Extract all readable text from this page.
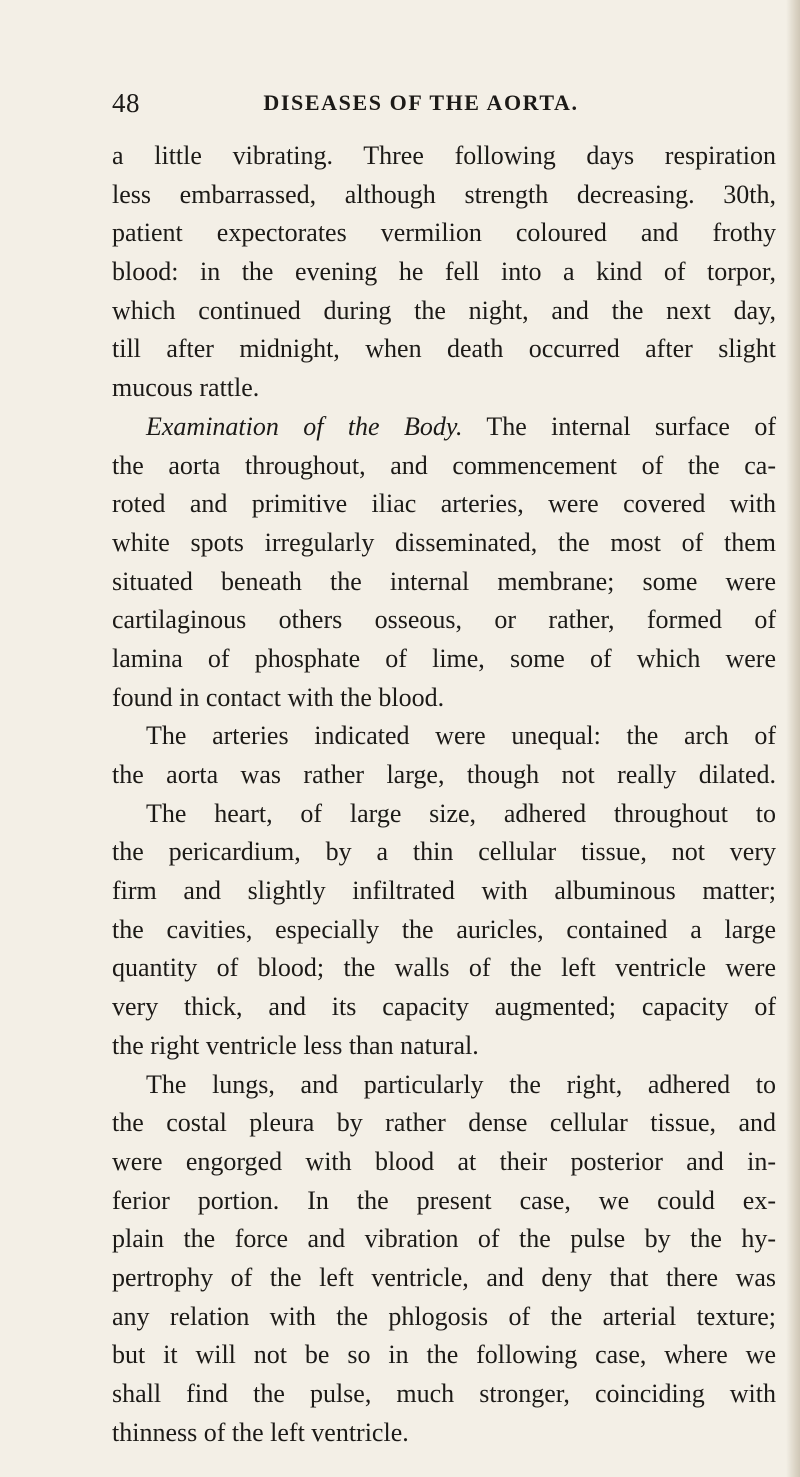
48	DISEASES OF THE AORTA.
a little vibrating. Three following days respiration
less embarrassed, although strength decreasing. 30th,
patient expectorates vermilion coloured and frothy
blood: in the evening he fell into a kind of torpor,
which continued during the night, and the next day,
till after midnight, when death occurred after slight
mucous rattle.
Examination of the Body. The internal surface of
the aorta throughout, and commencement of the ca-
roted and primitive iliac arteries, were covered with
white spots irregularly disseminated, the most of them
situated beneath the internal membrane; some were
cartilaginous others osseous, or rather, formed of
lamina of phosphate of lime, some of which were
found in contact with the blood.
The arteries indicated were unequal: the arch of
the aorta was rather large, though not really dilated.
The heart, of large size, adhered throughout to
the pericardium, by a thin cellular tissue, not very
firm and slightly infiltrated with albuminous matter;
the cavities, especially the auricles, contained a large
quantity of blood; the walls of the left ventricle were
very thick, and its capacity augmented; capacity of
the right ventricle less than natural.
The lungs, and particularly the right, adhered to
the costal pleura by rather dense cellular tissue, and
were engorged with blood at their posterior and in-
ferior portion. In the present case, we could ex-
plain the force and vibration of the pulse by the hy-
pertrophy of the left ventricle, and deny that there was
any relation with the phlogosis of the arterial texture;
but it will not be so in the following case, where we
shall find the pulse, much stronger, coinciding with
thinness of the left ventricle.
